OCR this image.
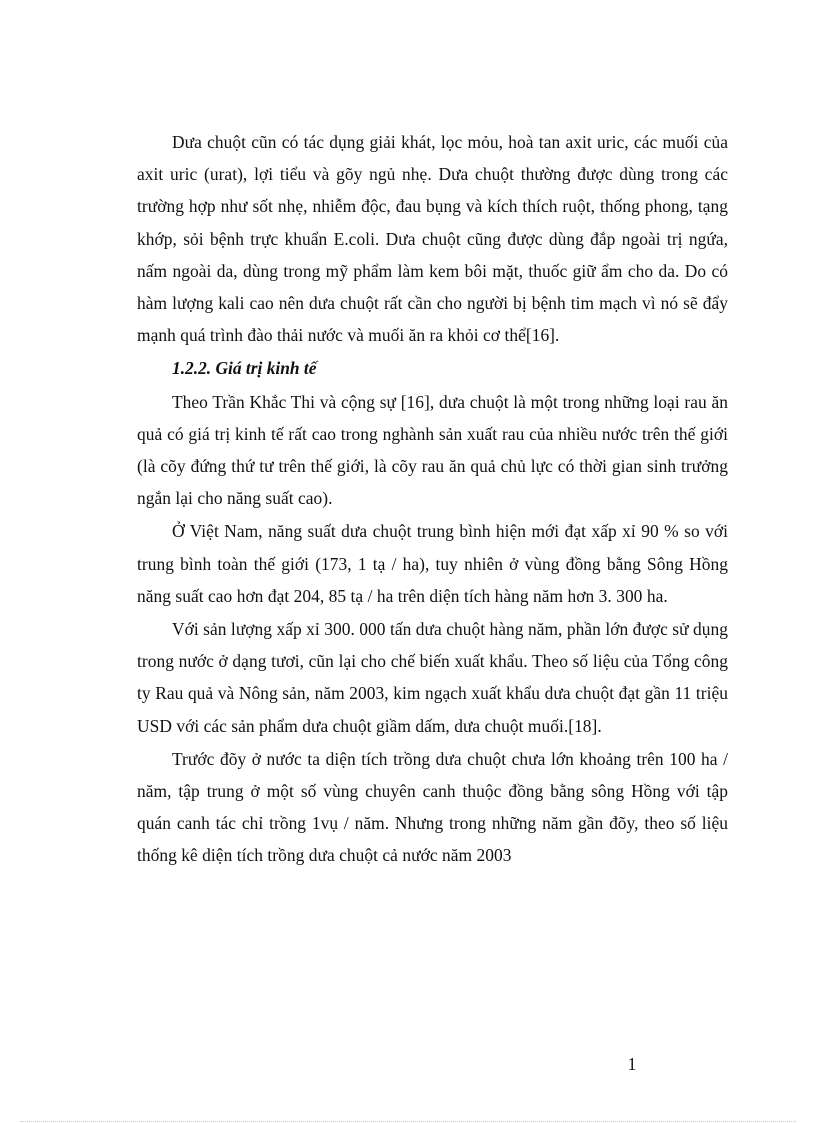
Dưa chuột cũn có tác dụng giải khát, lọc mỏu, hoà tan axit uric, các muối của axit uric (urat), lợi tiểu và gõy ngủ nhẹ. Dưa chuột thường được dùng trong các trường hợp như sốt nhẹ, nhiễm độc, đau bụng và kích thích ruột, thống phong, tạng khớp, sỏi bệnh trực khuẩn E.coli. Dưa chuột cũng được dùng đắp ngoài trị ngứa, nấm ngoài da, dùng trong mỹ phẩm làm kem bôi mặt, thuốc giữ ẩm cho da. Do có hàm lượng kali cao nên dưa chuột rất cần cho người bị bệnh tim mạch vì nó sẽ đẩy mạnh quá trình đào thải nước và muối ăn ra khỏi cơ thể[16].

1.2.2. Giá trị kinh tế

Theo Trần Khắc Thi và cộng sự [16], dưa chuột là một trong những loại rau ăn quả có giá trị kinh tế rất cao trong nghành sản xuất rau của nhiều nước trên thế giới (là cõy đứng thứ tư trên thế giới, là cõy rau ăn quả chủ lực có thời gian sinh trưởng ngắn lại cho năng suất cao).

Ở Việt Nam, năng suất dưa chuột trung bình hiện mới đạt xấp xỉ 90 % so với trung bình toàn thế giới (173, 1 tạ / ha), tuy nhiên ở vùng đồng bằng Sông Hồng năng suất cao hơn đạt 204, 85 tạ / ha trên diện tích hàng năm hơn 3. 300 ha.

Với sản lượng xấp xỉ 300. 000 tấn dưa chuột hàng năm, phần lớn được sử dụng trong nước ở dạng tươi, cũn lại cho chế biến xuất khẩu. Theo số liệu của Tổng công ty Rau quả và Nông sản, năm 2003, kim ngạch xuất khẩu dưa chuột đạt gần 11 triệu USD với các sản phẩm dưa chuột giầm dấm, dưa chuột muối.[18].

Trước đõy ở nước ta diện tích trồng dưa chuột chưa lớn khoảng trên 100 ha / năm, tập trung ở một số vùng chuyên canh thuộc đồng bằng sông Hồng với tập quán canh tác chỉ trồng 1vụ / năm. Nhưng trong những năm gần đõy, theo số liệu thống kê diện tích trồng dưa chuột cả nước năm 2003

1
